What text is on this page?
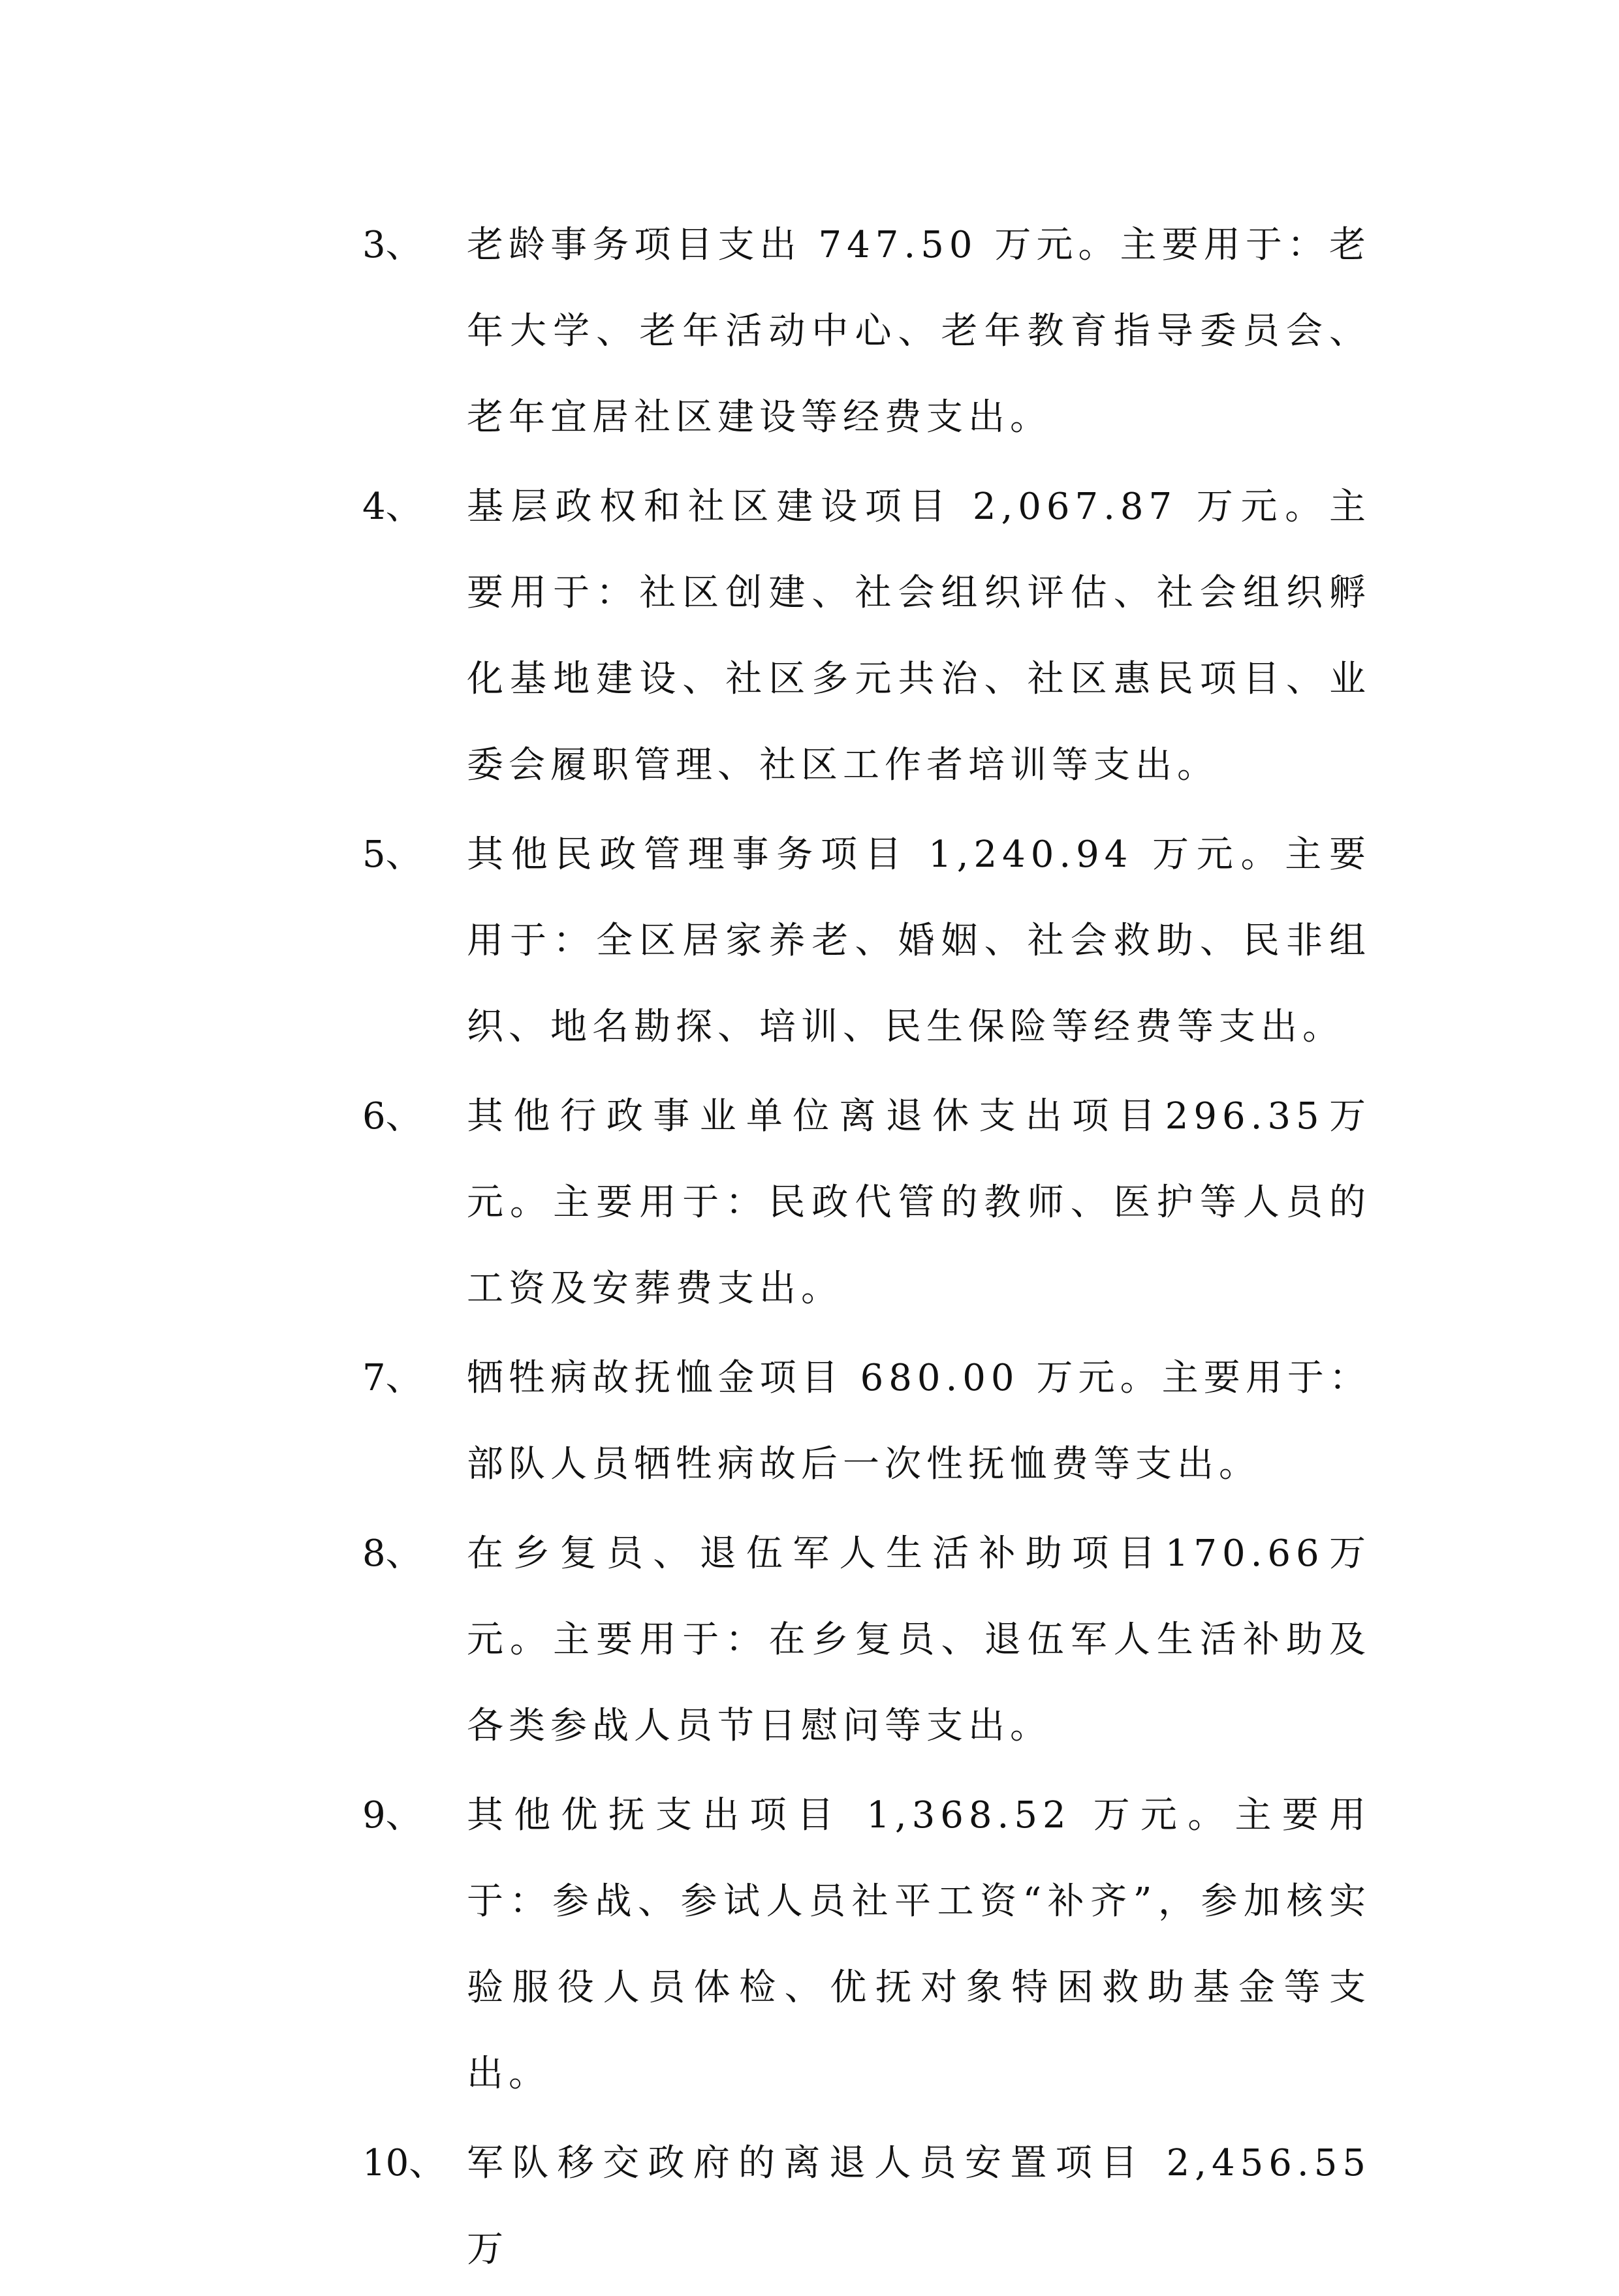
3、	老龄事务项目支出 747.50 万元。主要用于：老年大学、老年活动中心、老年教育指导委员会、老年宜居社区建设等经费支出。
4、	基层政权和社区建设项目 2,067.87 万元。主要用于：社区创建、社会组织评估、社会组织孵化基地建设、社区多元共治、社区惠民项目、业委会履职管理、社区工作者培训等支出。
5、	其他民政管理事务项目 1,240.94 万元。主要用于：全区居家养老、婚姻、社会救助、民非组织、地名勘探、培训、民生保险等经费等支出。
6、	其他行政事业单位离退休支出项目296.35万元。主要用于：民政代管的教师、医护等人员的工资及安葬费支出。
7、	牺牲病故抚恤金项目 680.00 万元。主要用于：部队人员牺牲病故后一次性抚恤费等支出。
8、	在乡复员、退伍军人生活补助项目170.66万元。主要用于：在乡复员、退伍军人生活补助及各类参战人员节日慰问等支出。
9、	其他优抚支出项目 1,368.52 万元。主要用于：参战、参试人员社平工资“补齐”，参加核实验服役人员体检、优抚对象特困救助基金等支出。
10、 军队移交政府的离退人员安置项目 2,456.55 万
